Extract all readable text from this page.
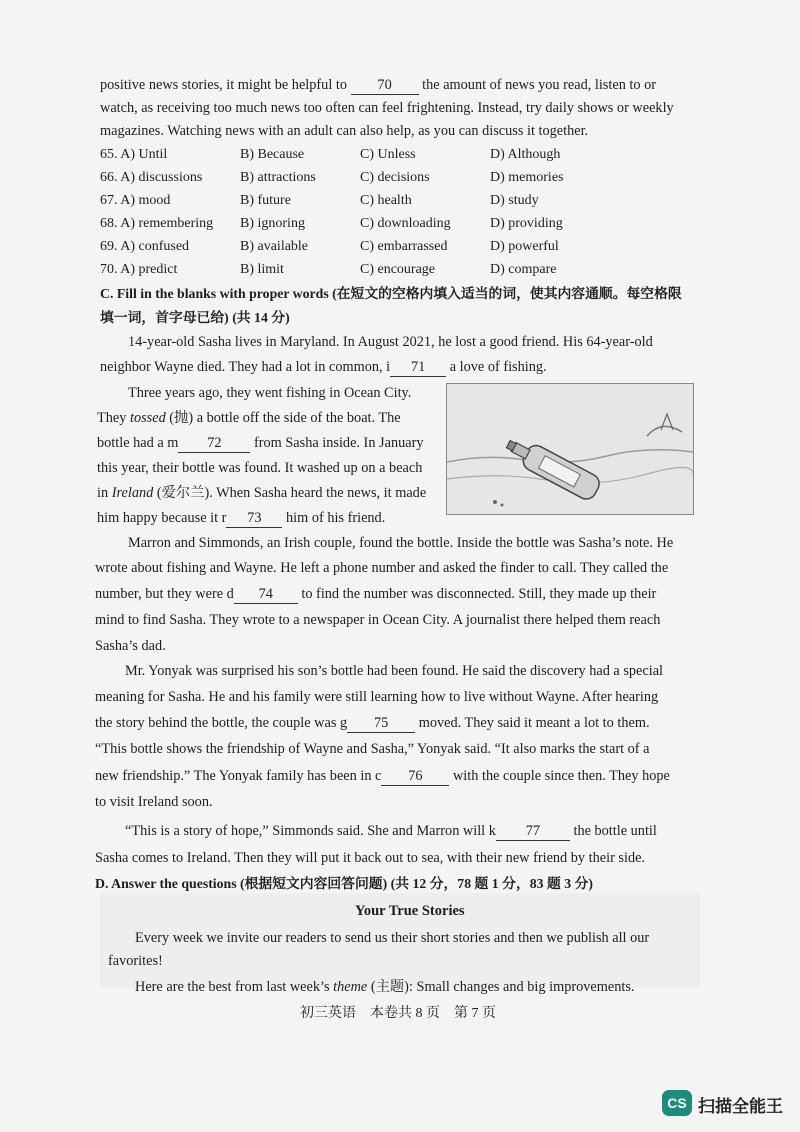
positive news stories, it might be helpful to 70 the amount of news you read, listen to or
watch, as receiving too much news too often can feel frightening. Instead, try daily shows or weekly
magazines. Watching news with an adult can also help, as you can discuss it together.
65. A) Until	B) Because	C) Unless	D) Although
66. A) discussions	B) attractions	C) decisions	D) memories
67. A) mood	B) future	C) health	D) study
68. A) remembering B) ignoring	C) downloading	D) providing
69. A) confused	B) available	C) embarrassed	D) powerful
70. A) predict	B) limit	C) encourage	D) compare
C. Fill in the blanks with proper words (在短文的空格内填入适当的词，使其内容通顺。每空格限
填一词，首字母已给) (共 14 分)
14-year-old Sasha lives in Maryland. In August 2021, he lost a good friend. His 64-year-old
neighbor Wayne died. They had a lot in common, i 71 a love of fishing.
Three years ago, they went fishing in Ocean City.
They tossed (抛) a bottle off the side of the boat. The
bottle had a m 72 from Sasha inside. In January
this year, their bottle was found. It washed up on a beach
in Ireland (爱尔兰). When Sasha heard the news, it made
him happy because it r 73 him of his friend.
Marron and Simmonds, an Irish couple, found the bottle. Inside the bottle was Sasha’s note. He
wrote about fishing and Wayne. He left a phone number and asked the finder to call. They called the
number, but they were d 74 to find the number was disconnected. Still, they made up their
mind to find Sasha. They wrote to a newspaper in Ocean City. A journalist there helped them reach
Sasha’s dad.
Mr. Yonyak was surprised his son’s bottle had been found. He said the discovery had a special
meaning for Sasha. He and his family were still learning how to live without Wayne. After hearing
the story behind the bottle, the couple was g 75 moved. They said it meant a lot to them.
“This bottle shows the friendship of Wayne and Sasha,” Yonyak said. “It also marks the start of a
new friendship.” The Yonyak family has been in c 76 with the couple since then. They hope
to visit Ireland soon.
“This is a story of hope,” Simmonds said. She and Marron will k 77 the bottle until
Sasha comes to Ireland. Then they will put it back out to sea, with their new friend by their side.
D. Answer the questions (根据短文内容回答问题) (共 12 分，78 题 1 分，83 题 3 分)
Your True Stories
Every week we invite our readers to send us their short stories and then we publish all our
favorites!
Here are the best from last week’s theme (主题): Small changes and big improvements.
初三英语　本卷共 8 页　第 7 页
CS 扫描全能王
